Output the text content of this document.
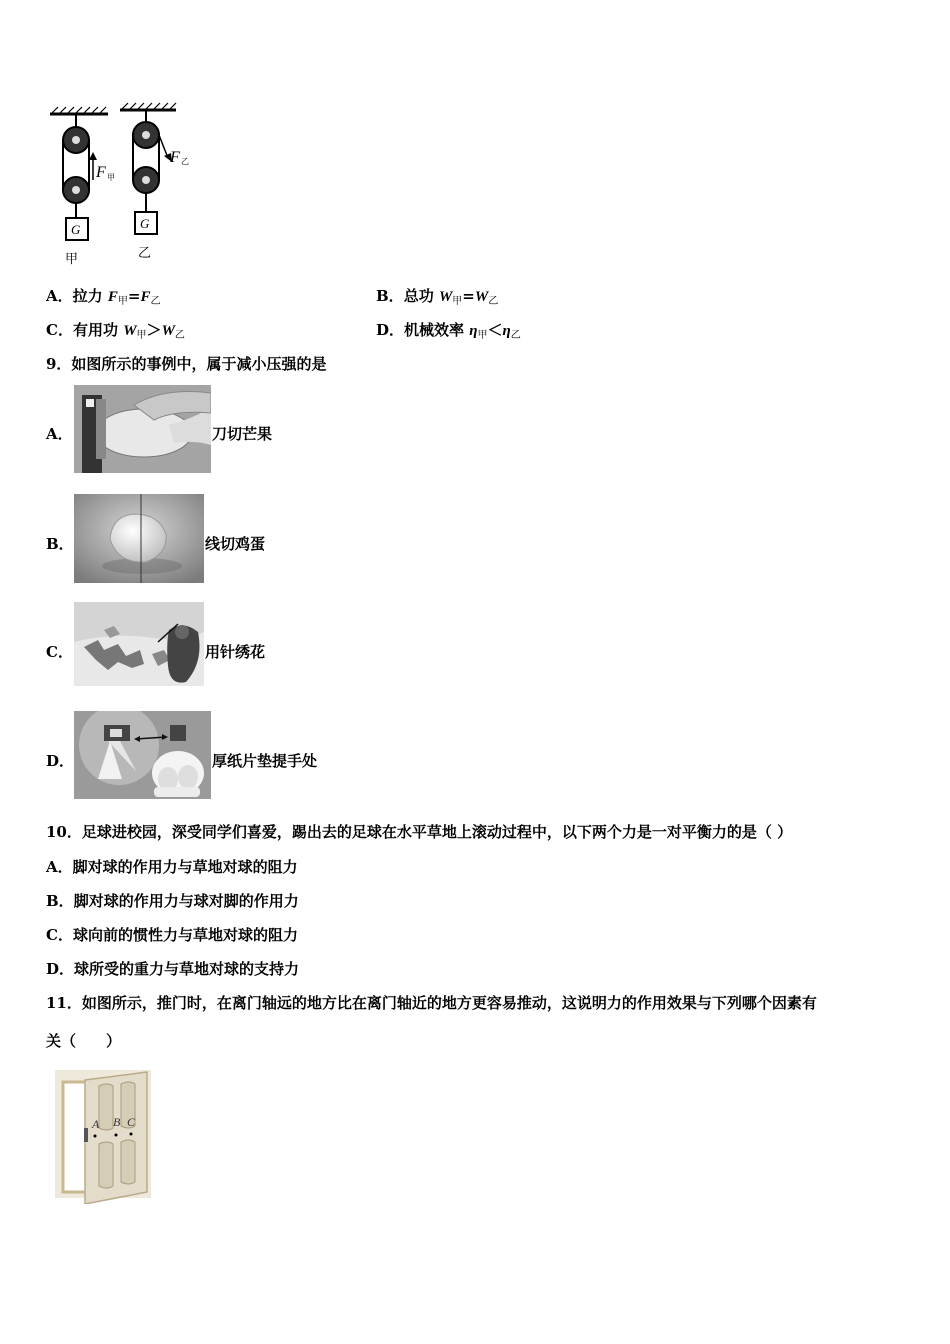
F 甲
G
甲
F 乙
G
乙
A．拉力 $F_甲=F_乙$	B．总功 $W_甲=W_乙$
C．有用功 $W_甲>W_乙$	D．机械效率 $\eta_甲<\eta_乙$
9．如图所示的事例中，属于减小压强的是
A．	刀切芒果
B．	线切鸡蛋
C．	用针绣花
D．	厚纸片垫提手处
10．足球进校园，深受同学们喜爱，踢出去的足球在水平草地上滚动过程中，以下两个力是一对平衡力的是（ ）
A．脚对球的作用力与草地对球的阻力
B．脚对球的作用力与球对脚的作用力
C．球向前的惯性力与草地对球的阻力
D．球所受的重力与草地对球的支持力
11．如图所示，推门时，在离门轴远的地方比在离门轴近的地方更容易推动，这说明力的作用效果与下列哪个因素有
关（　　）
A B C
